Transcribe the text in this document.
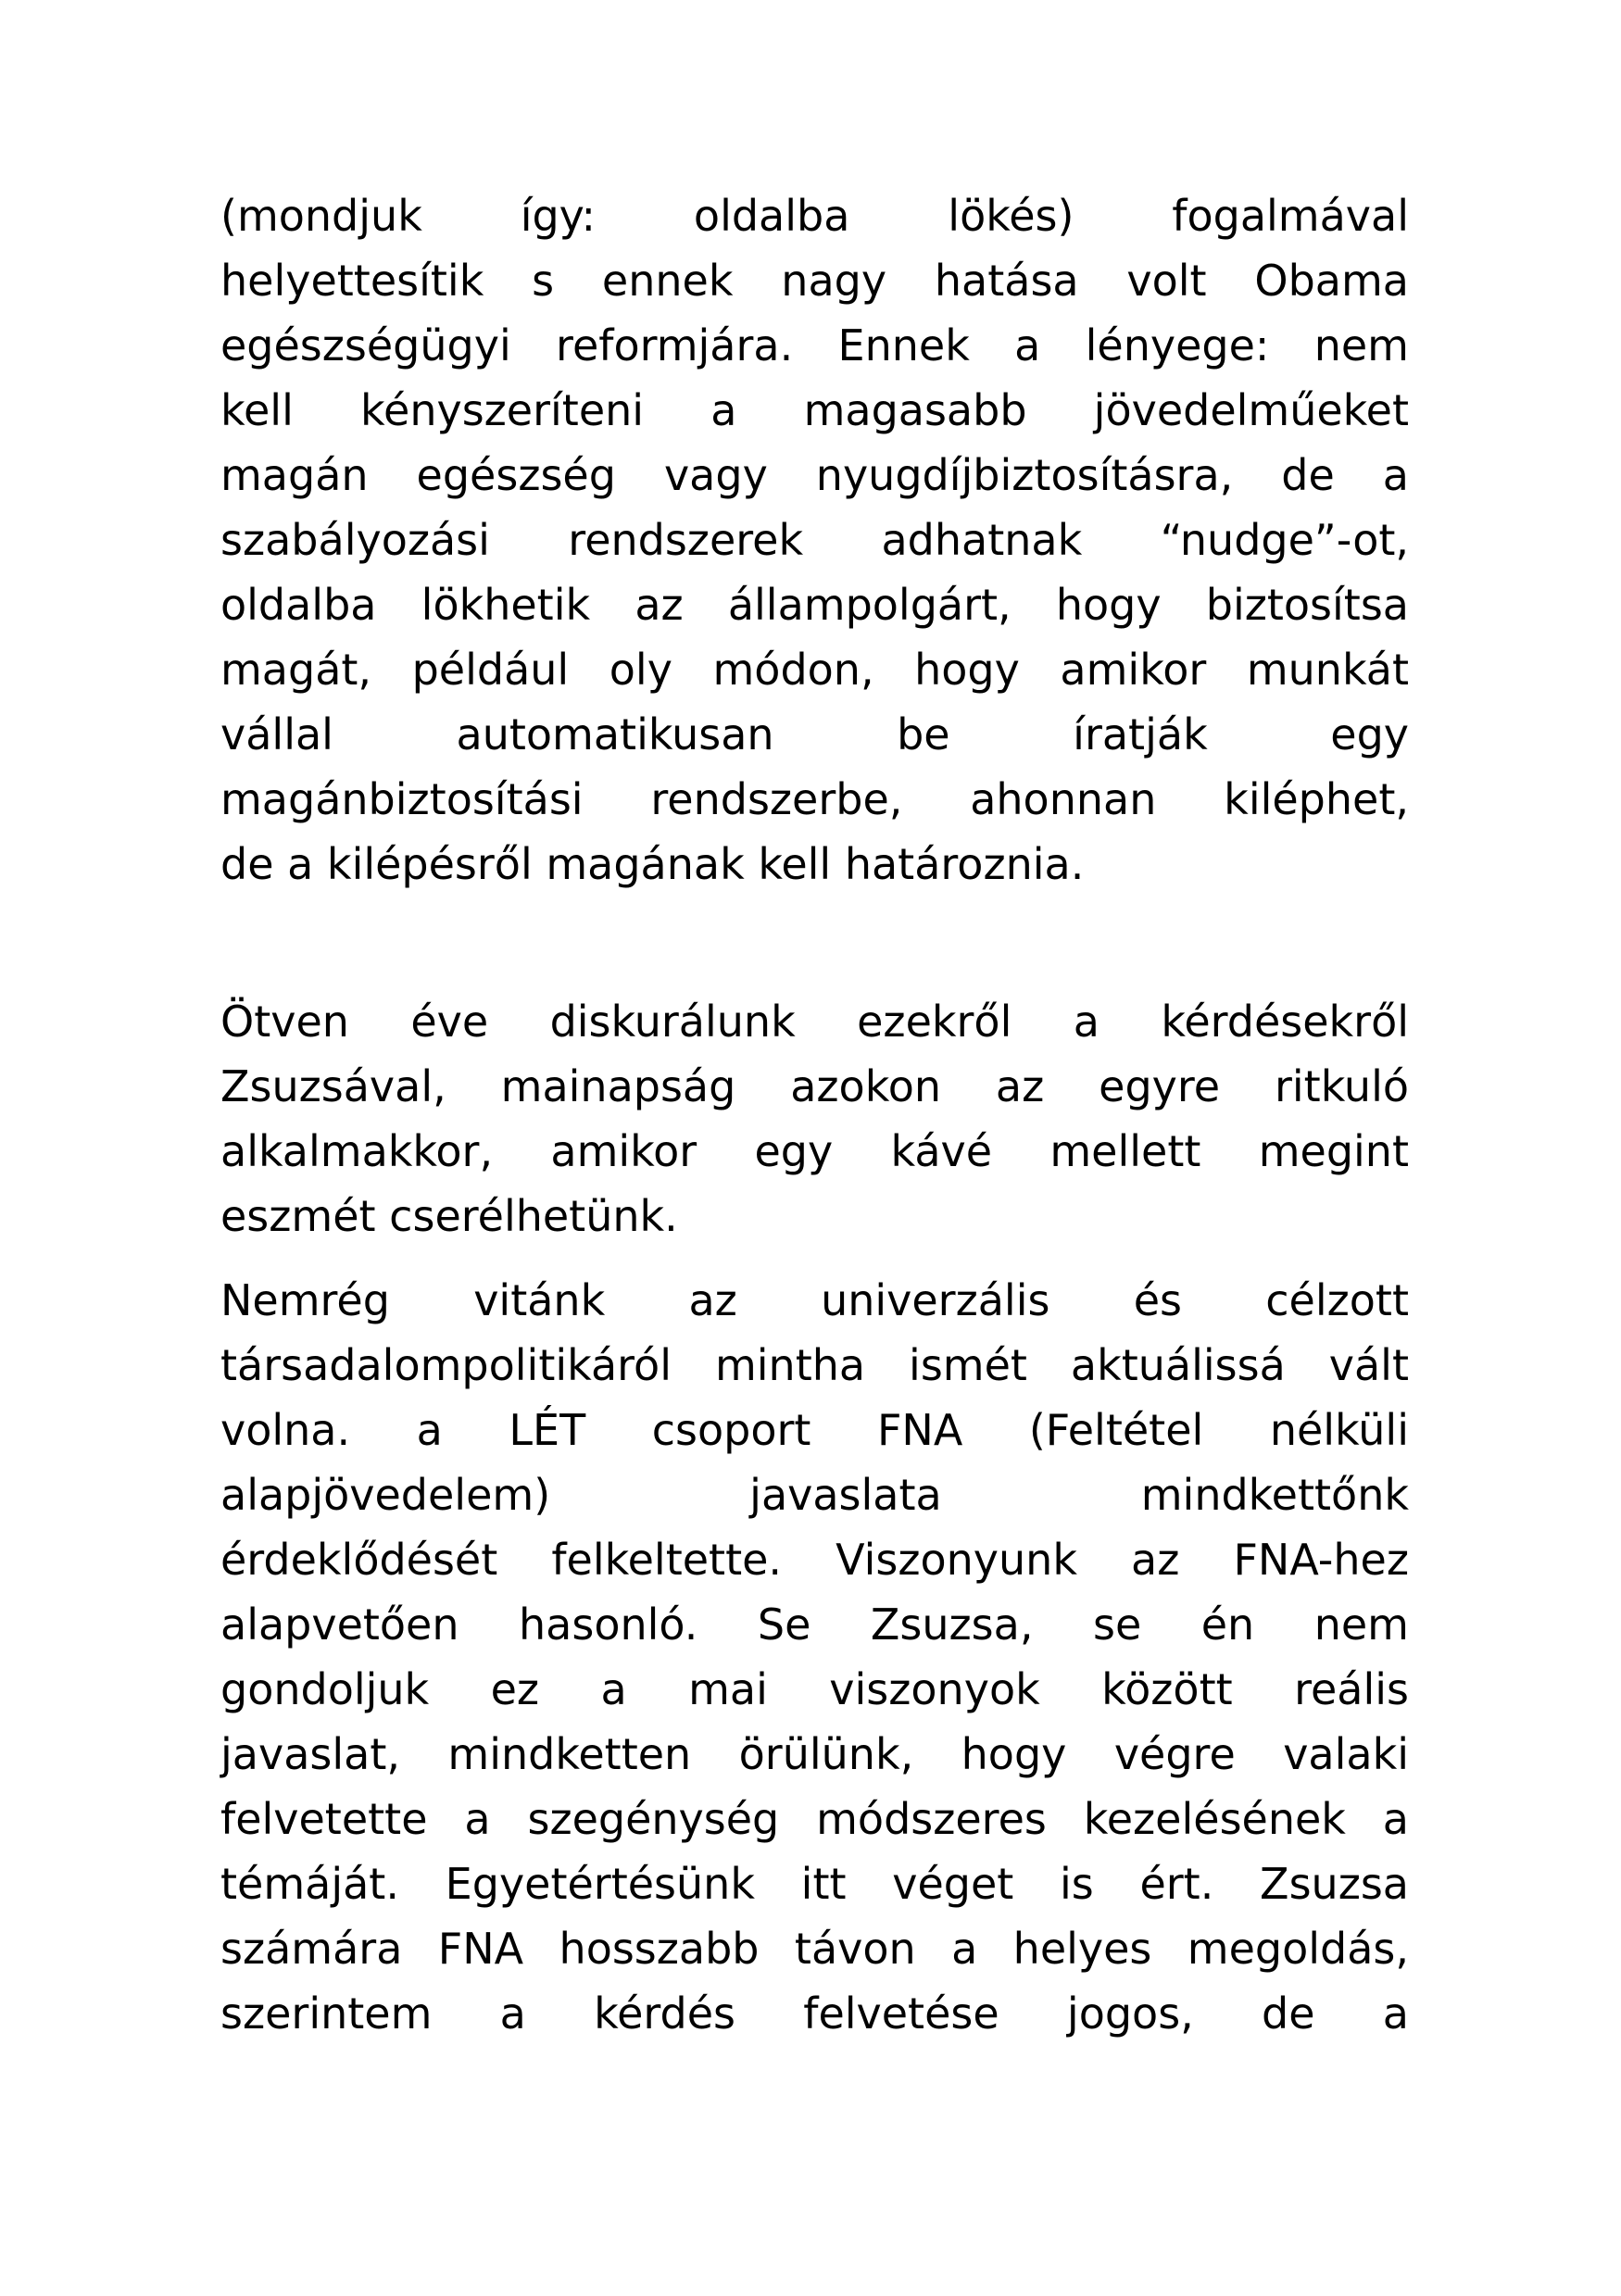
(mondjuk így: oldalba lökés) fogalmával
helyettesítik s ennek nagy hatása volt Obama
egészségügyi reformjára. Ennek a lényege: nem
kell kényszeríteni a magasabb jövedelműeket
magán egészség vagy nyugdíjbiztosításra, de a
szabályozási rendszerek adhatnak “nudge”-ot,
oldalba lökhetik az állampolgárt, hogy biztosítsa
magát, például oly módon, hogy amikor munkát
vállal automatikusan be íratják egy
magánbiztosítási rendszerbe, ahonnan kiléphet,
de a kilépésről magának kell határoznia.
Ötven éve diskurálunk ezekről a kérdésekről
Zsuzsával, mainapság azokon az egyre ritkuló
alkalmakkor, amikor egy kávé mellett megint
eszmét cserélhetünk.
Nemrég vitánk az univerzális és célzott
társadalompolitikáról mintha ismét aktuálissá vált
volna. a LÉT csoport FNA (Feltétel nélküli
alapjövedelem) javaslata mindkettőnk
érdeklődését felkeltette. Viszonyunk az FNA-hez
alapvetően hasonló. Se Zsuzsa, se én nem
gondoljuk ez a mai viszonyok között reális
javaslat, mindketten örülünk, hogy végre valaki
felvetette a szegénység módszeres kezelésének a
témáját. Egyetértésünk itt véget is ért. Zsuzsa
számára FNA hosszabb távon a helyes megoldás,
szerintem a kérdés felvetése jogos, de a
